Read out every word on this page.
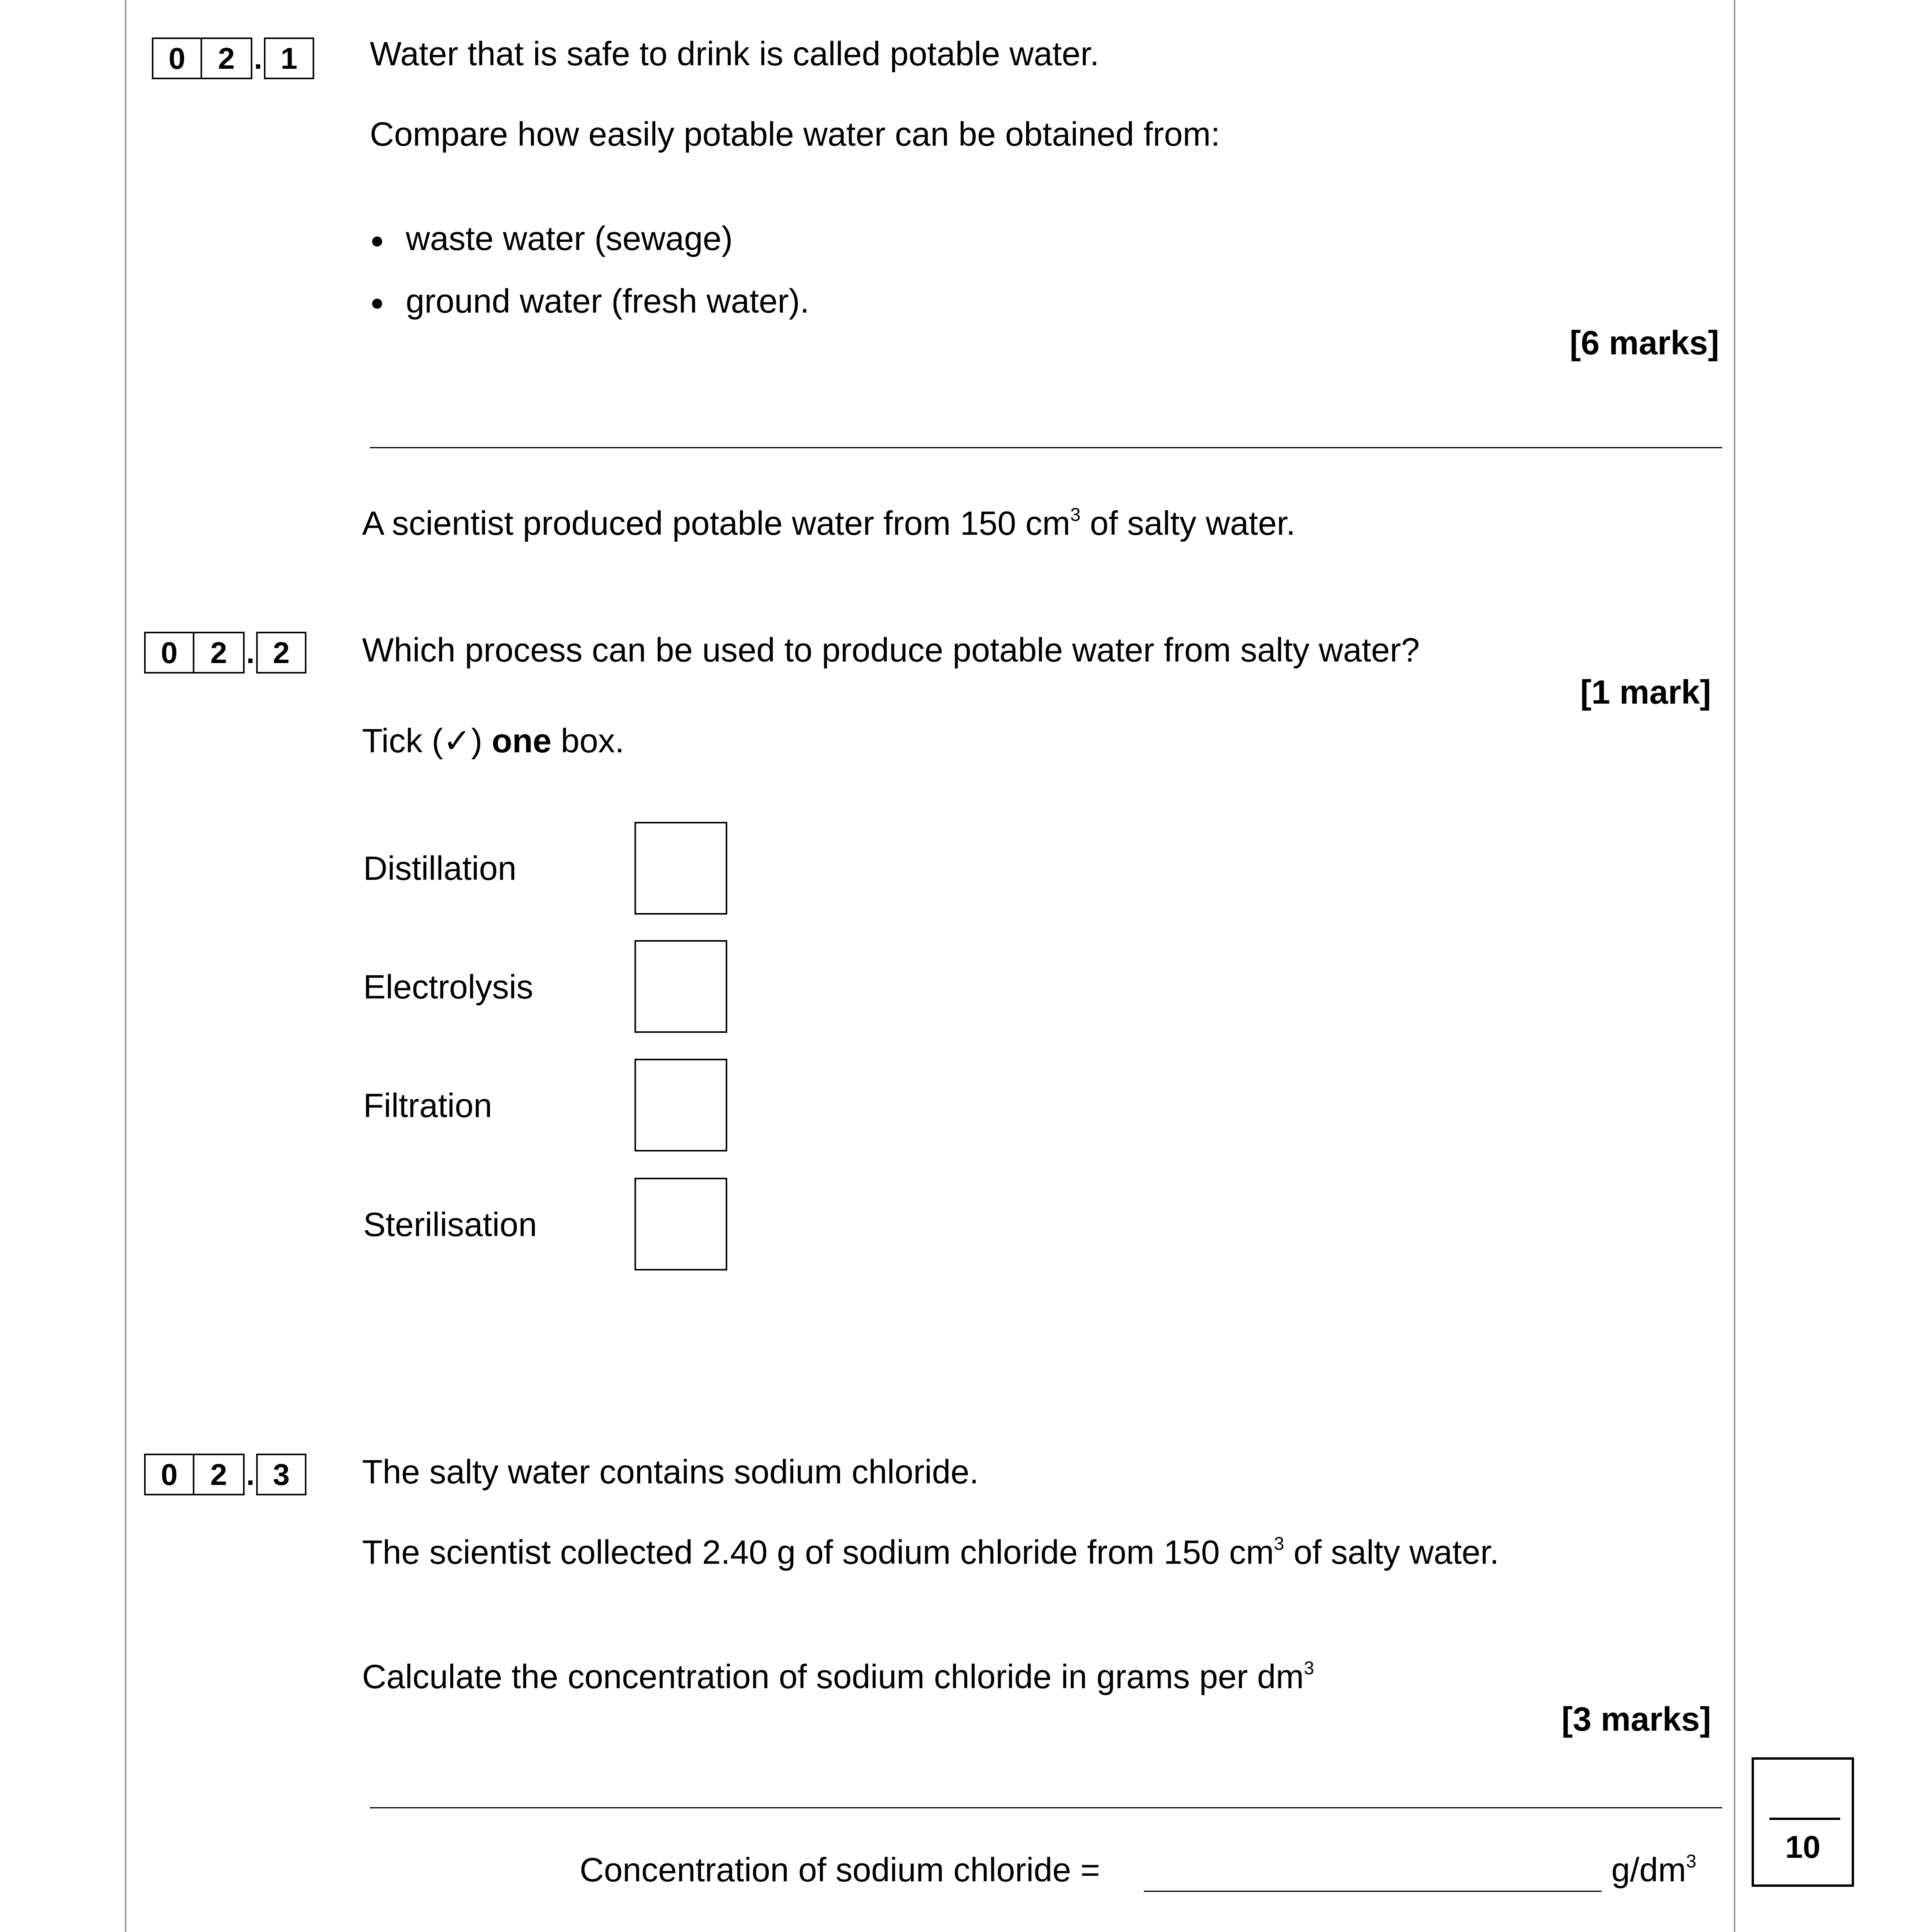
0	2 . 1	Water that is safe to drink is called potable water.
Compare how easily potable water can be obtained from:
waste water (sewage)
ground water (fresh water).
[6 marks]
A scientist produced potable water from 150 $cm^3$ of salty water.
0	2 . 2	Which process can be used to produce potable water from salty water?
[1 mark]
Tick (✓) one box.
Distillation
Electrolysis
Filtration
Sterilisation
0	2 . 3	The salty water contains sodium chloride.
The scientist collected 2.40 g of sodium chloride from 150 $cm^3$ of salty water.
Calculate the concentration of sodium chloride in grams per $dm^3$
[3 marks]
Concentration of sodium chloride =	$g/dm^3$	10
